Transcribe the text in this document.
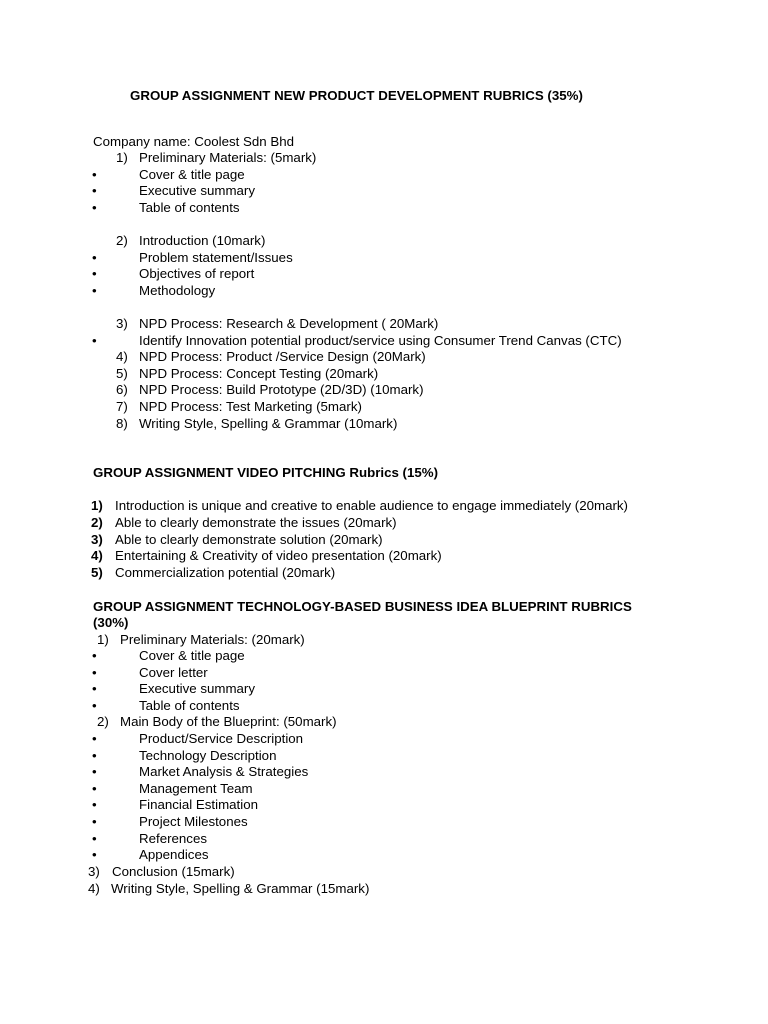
GROUP ASSIGNMENT NEW PRODUCT DEVELOPMENT RUBRICS (35%)
Company name: Coolest Sdn Bhd
1) Preliminary Materials: (5mark)
•	Cover & title page
•	Executive summary
•	Table of contents
2) Introduction (10mark)
•	Problem statement/Issues
•	Objectives of report
•	Methodology
3) NPD Process: Research & Development ( 20Mark)
•	Identify Innovation potential product/service using Consumer Trend Canvas (CTC)
4) NPD Process: Product /Service Design (20Mark)
5) NPD Process: Concept Testing (20mark)
6) NPD Process: Build Prototype (2D/3D) (10mark)
7) NPD Process: Test Marketing (5mark)
8) Writing Style, Spelling & Grammar (10mark)
GROUP ASSIGNMENT VIDEO PITCHING Rubrics (15%)
1) Introduction is unique and creative to enable audience to engage immediately (20mark)
2) Able to clearly demonstrate the issues (20mark)
3) Able to clearly demonstrate solution (20mark)
4) Entertaining & Creativity of video presentation (20mark)
5) Commercialization potential (20mark)
GROUP ASSIGNMENT TECHNOLOGY-BASED BUSINESS IDEA BLUEPRINT RUBRICS
(30%)
1) Preliminary Materials: (20mark)
•	Cover & title page
•	Cover letter
•	Executive summary
•	Table of contents
2) Main Body of the Blueprint: (50mark)
•	Product/Service Description
•	Technology Description
•	Market Analysis & Strategies
•	Management Team
•	Financial Estimation
•	Project Milestones
•	References
•	Appendices
3) Conclusion (15mark)
4) Writing Style, Spelling & Grammar (15mark)
